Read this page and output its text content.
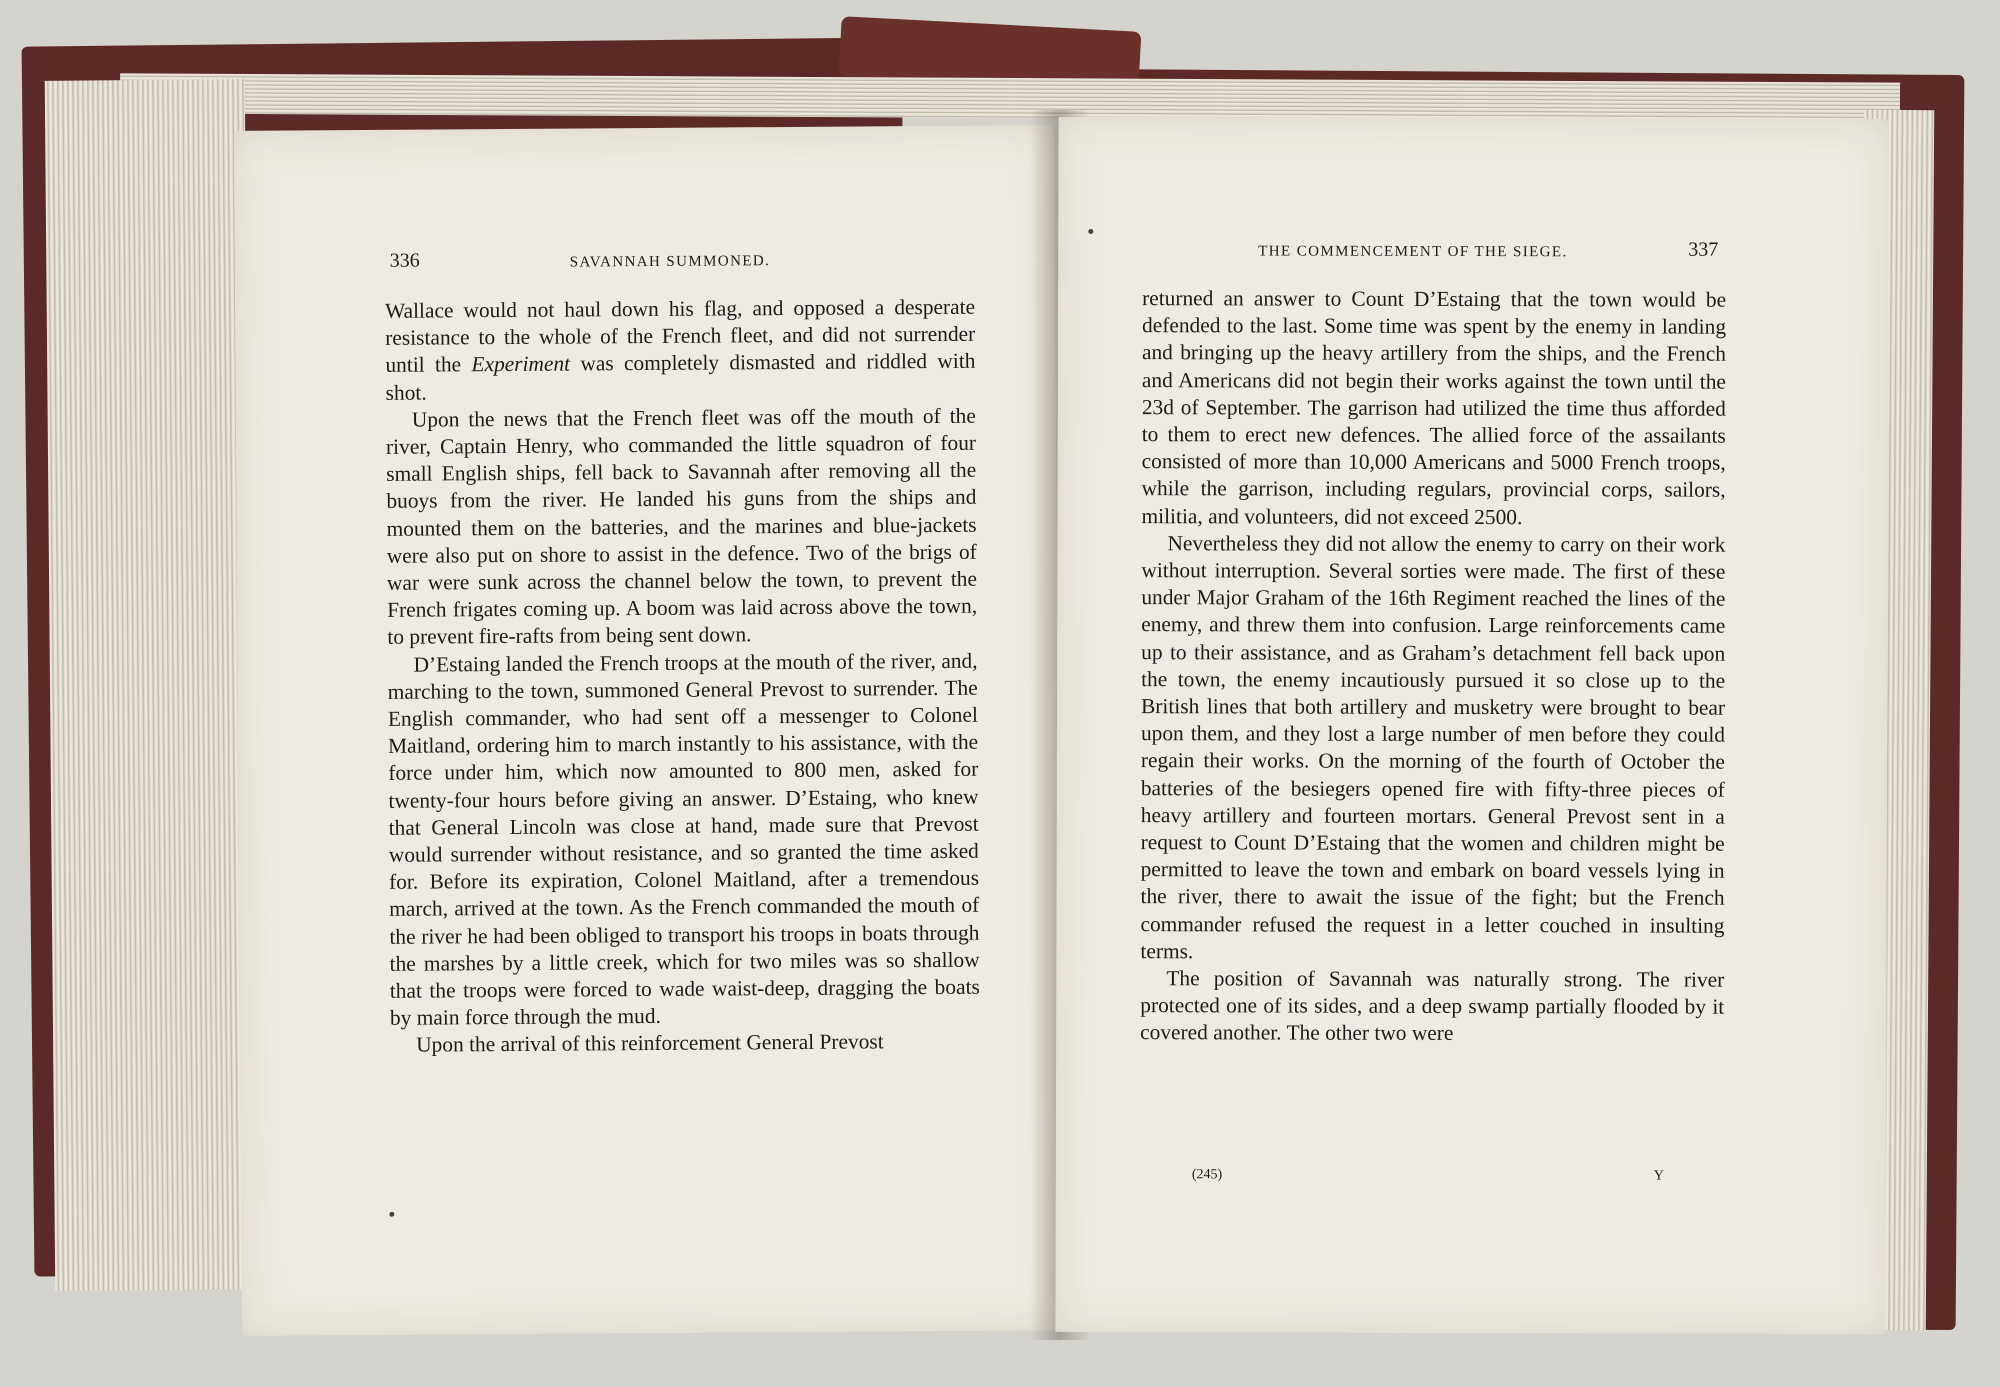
336	SAVANNAH SUMMONED.

Wallace would not haul down his flag, and opposed a desperate resistance to the whole of the French fleet, and did not surrender until the Experiment was completely dismasted and riddled with shot.

Upon the news that the French fleet was off the mouth of the river, Captain Henry, who commanded the little squadron of four small English ships, fell back to Savannah after removing all the buoys from the river. He landed his guns from the ships and mounted them on the batteries, and the marines and blue-jackets were also put on shore to assist in the defence. Two of the brigs of war were sunk across the channel below the town, to prevent the French frigates coming up. A boom was laid across above the town, to prevent fire-rafts from being sent down.

D’Estaing landed the French troops at the mouth of the river, and, marching to the town, summoned General Prevost to surrender. The English commander, who had sent off a messenger to Colonel Maitland, ordering him to march instantly to his assistance, with the force under him, which now amounted to 800 men, asked for twenty-four hours before giving an answer. D’Estaing, who knew that General Lincoln was close at hand, made sure that Prevost would surrender without resistance, and so granted the time asked for. Before its expiration, Colonel Maitland, after a tremendous march, arrived at the town. As the French commanded the mouth of the river he had been obliged to transport his troops in boats through the marshes by a little creek, which for two miles was so shallow that the troops were forced to wade waist-deep, dragging the boats by main force through the mud.

Upon the arrival of this reinforcement General Prevost

THE COMMENCEMENT OF THE SIEGE.	337

returned an answer to Count D’Estaing that the town would be defended to the last. Some time was spent by the enemy in landing and bringing up the heavy artillery from the ships, and the French and Americans did not begin their works against the town until the 23d of September. The garrison had utilized the time thus afforded to them to erect new defences. The allied force of the assailants consisted of more than 10,000 Americans and 5000 French troops, while the garrison, including regulars, provincial corps, sailors, militia, and volunteers, did not exceed 2500.

Nevertheless they did not allow the enemy to carry on their work without interruption. Several sorties were made. The first of these under Major Graham of the 16th Regiment reached the lines of the enemy, and threw them into confusion. Large reinforcements came up to their assistance, and as Graham’s detachment fell back upon the town, the enemy incautiously pursued it so close up to the British lines that both artillery and musketry were brought to bear upon them, and they lost a large number of men before they could regain their works. On the morning of the fourth of October the batteries of the besiegers opened fire with fifty-three pieces of heavy artillery and fourteen mortars. General Prevost sent in a request to Count D’Estaing that the women and children might be permitted to leave the town and embark on board vessels lying in the river, there to await the issue of the fight; but the French commander refused the request in a letter couched in insulting terms.

The position of Savannah was naturally strong. The river protected one of its sides, and a deep swamp partially flooded by it covered another. The other two were

(245)	Y
